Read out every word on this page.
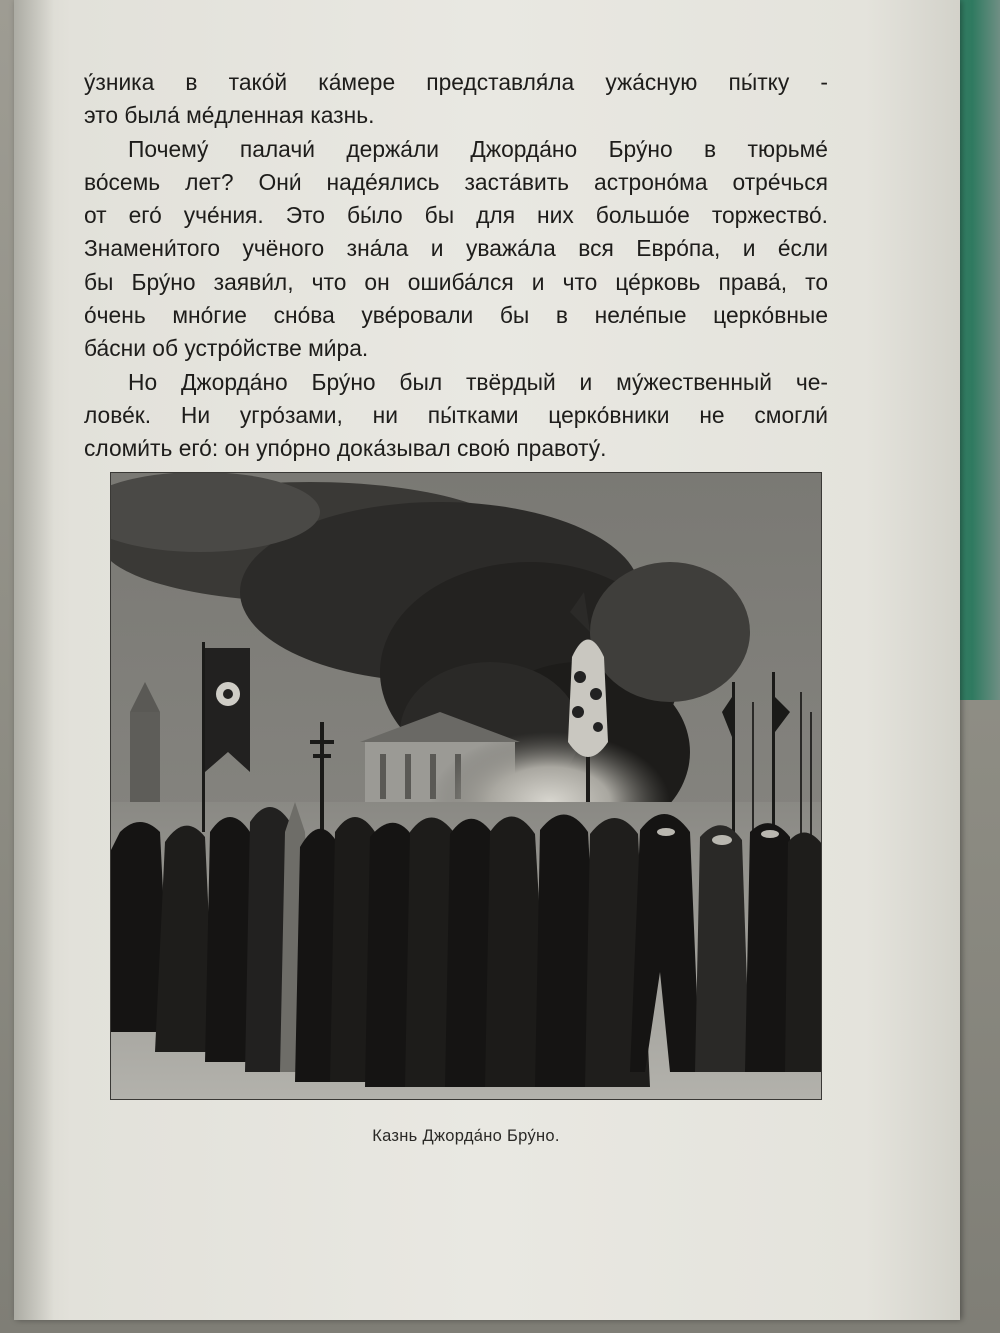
у́зника в тако́й ка́мере представля́ла ужа́сную пы́тку -
это была́ ме́дленная казнь.
Почему́ палачи́ держа́ли Джорда́но Бру́но в тюрьме́
во́семь лет? Они́ наде́ялись заста́вить астроно́ма отре́чься
от его́ уче́ния. Это бы́ло бы для них большо́е торжество́.
Знамени́того учёного зна́ла и уважа́ла вся Евро́па, и е́сли
бы Бру́но заяви́л, что он ошиба́лся и что це́рковь права́, то
о́чень мно́гие сно́ва уве́ровали бы в неле́пые церко́вные
ба́сни об устро́йстве ми́ра.
Но Джорда́но Бру́но был твёрдый и му́жественный че-
лове́к. Ни угро́зами, ни пы́тками церко́вники не смогли́
сломи́ть его́: он упо́рно дока́зывал свою́ правоту́.
Казнь Джорда́но Бру́но.
